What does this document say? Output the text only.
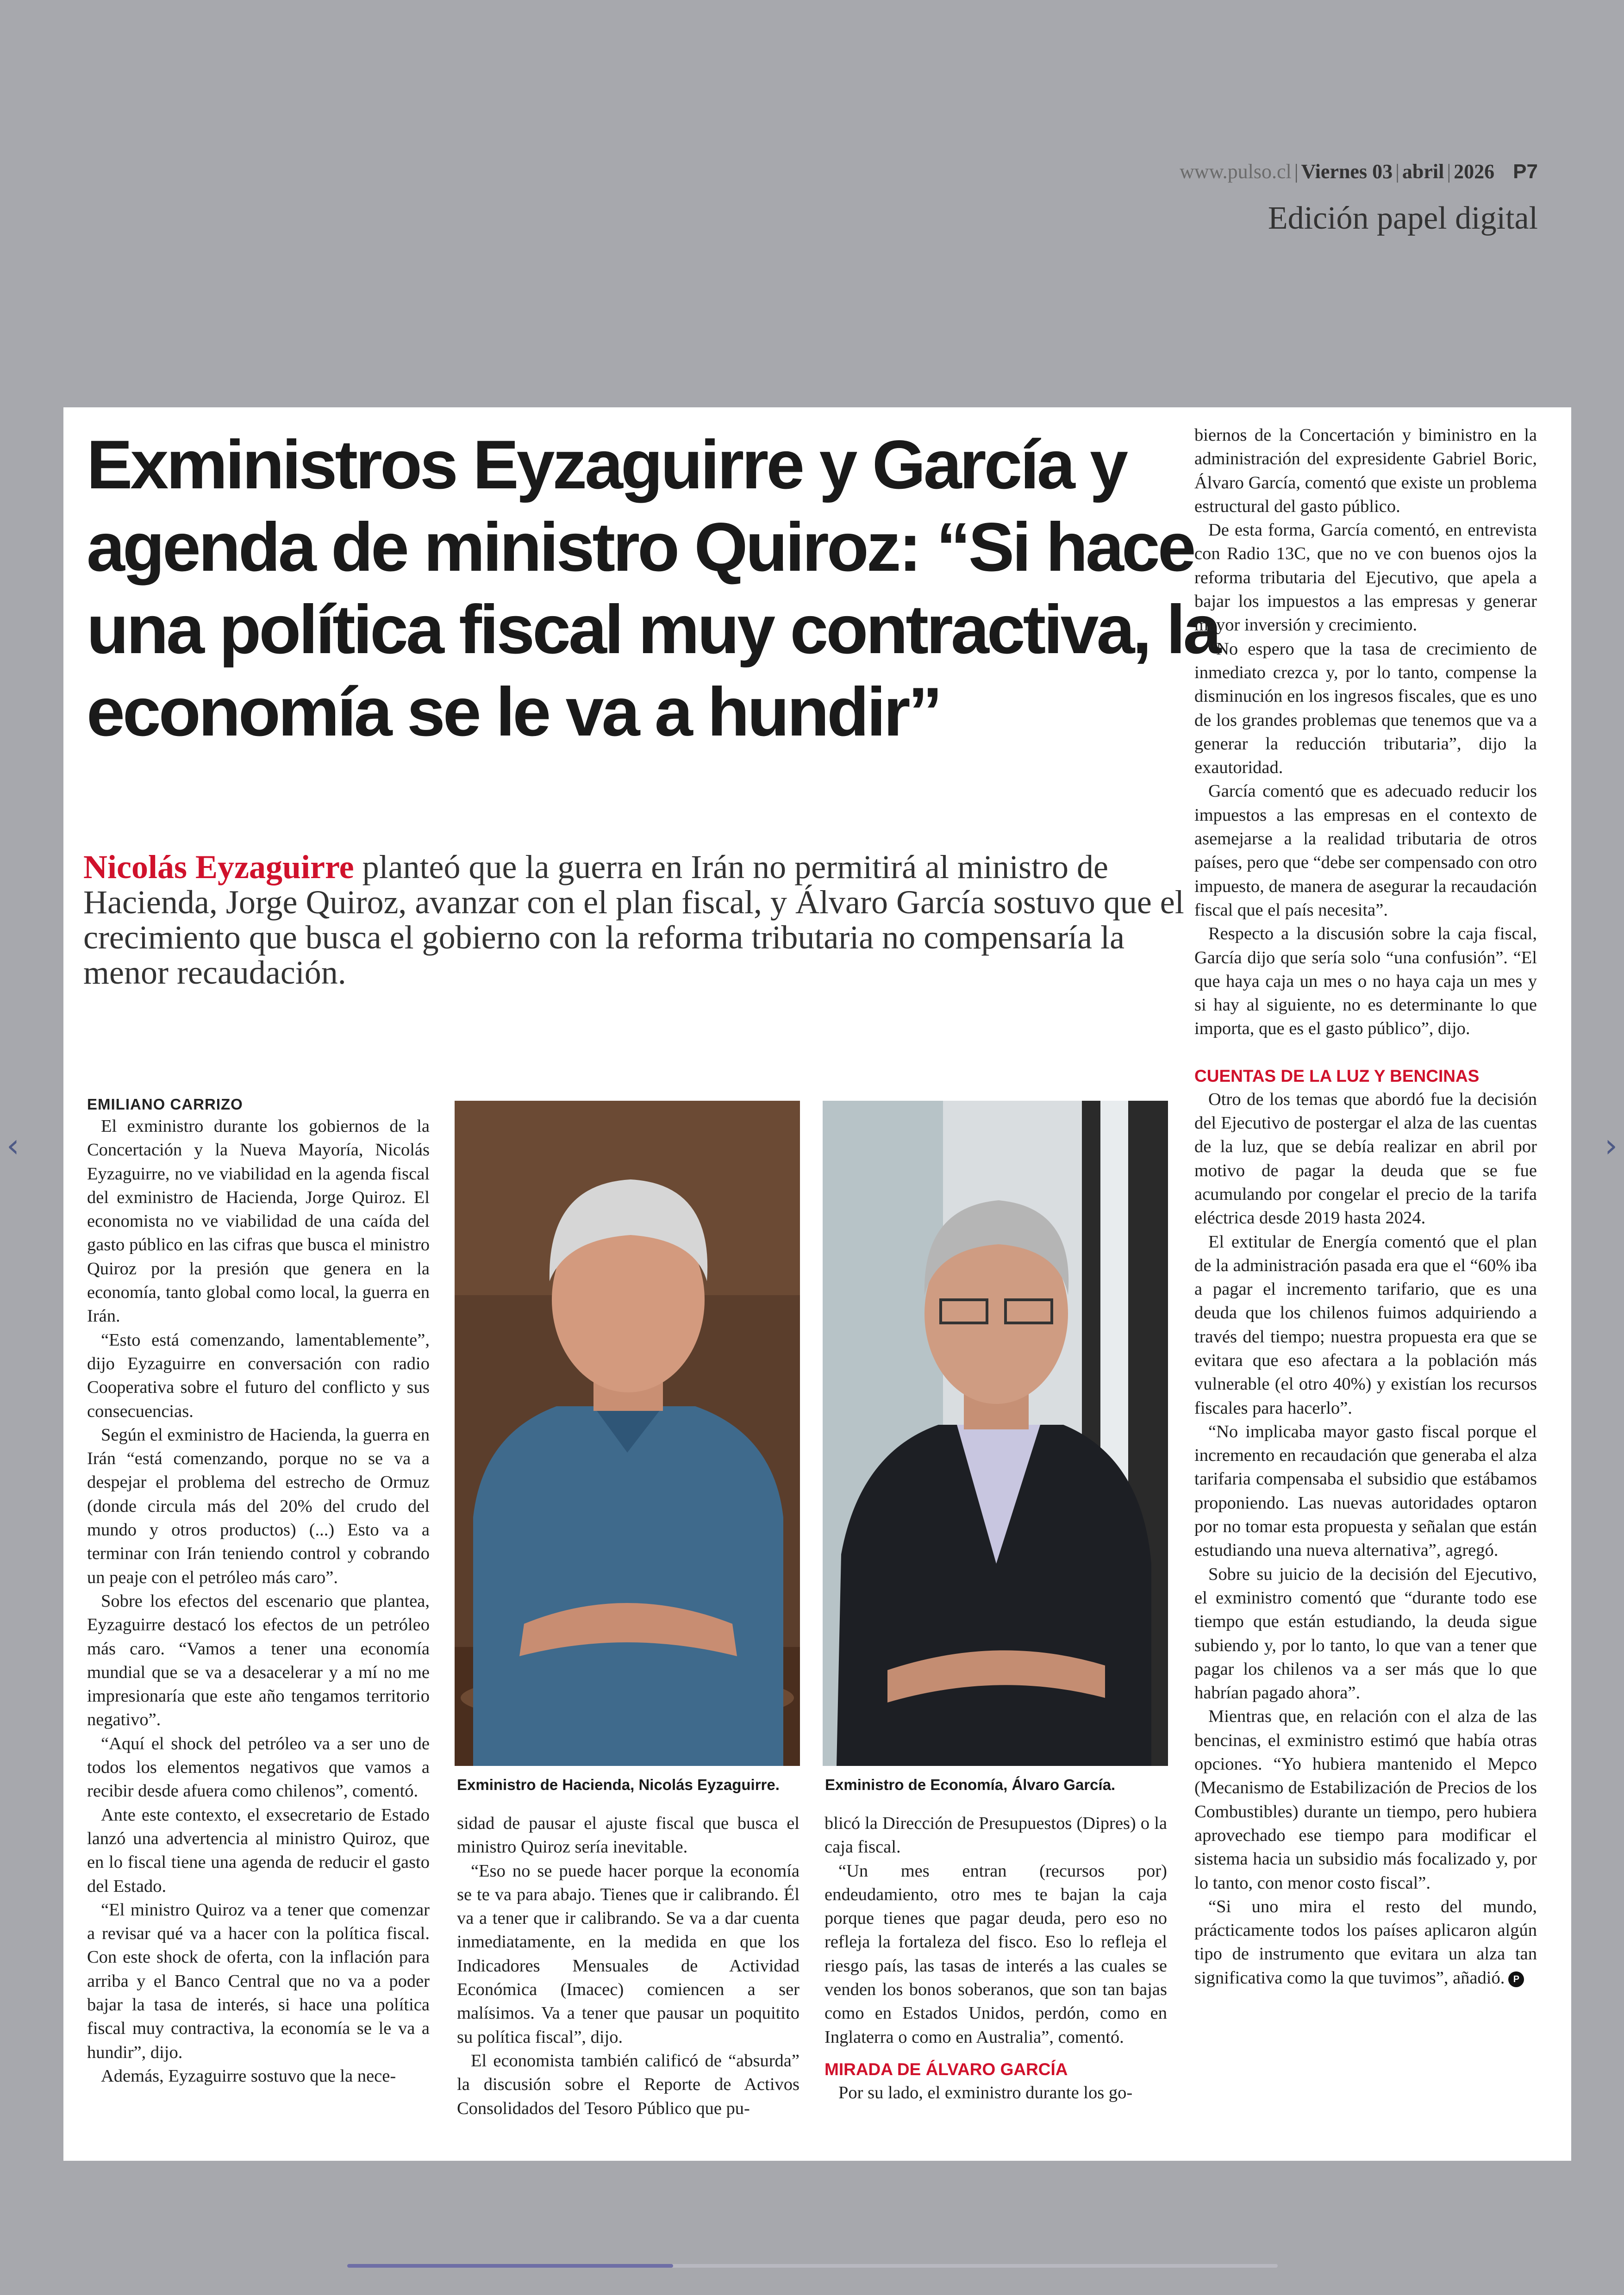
www.pulso.cl | Viernes 03 | abril | 2026 P7
Edición papel digital
‹	›
Exministros Eyzaguirre y García y agenda de ministro Quiroz: “Si hace una política fiscal muy contractiva, la economía se le va a hundir”

Nicolás Eyzaguirre planteó que la guerra en Irán no permitirá al ministro de Hacienda, Jorge Quiroz, avanzar con el plan fiscal, y Álvaro García sostuvo que el crecimiento que busca el gobierno con la reforma tributaria no compensaría la menor recaudación.

EMILIANO CARRIZO

El exministro durante los gobiernos de la Concertación y la Nueva Mayoría, Nicolás Eyzaguirre, no ve viabilidad en la agenda fiscal del exministro de Hacienda, Jorge Quiroz. El economista no ve viabilidad de una caída del gasto público en las cifras que busca el ministro Quiroz por la presión que genera en la economía, tanto global como local, la guerra en Irán.

“Esto está comenzando, lamentablemente”, dijo Eyzaguirre en conversación con radio Cooperativa sobre el futuro del conflicto y sus consecuencias.

Según el exministro de Hacienda, la guerra en Irán “está comenzando, porque no se va a despejar el problema del estrecho de Ormuz (donde circula más del 20% del crudo del mundo y otros productos) (...) Esto va a terminar con Irán teniendo control y cobrando un peaje con el petróleo más caro”.

Sobre los efectos del escenario que plantea, Eyzaguirre destacó los efectos de un petróleo más caro. “Vamos a tener una economía mundial que se va a desacelerar y a mí no me impresionaría que este año tengamos territorio negativo”.

“Aquí el shock del petróleo va a ser uno de todos los elementos negativos que vamos a recibir desde afuera como chilenos”, comentó.

Ante este contexto, el exsecretario de Estado lanzó una advertencia al ministro Quiroz, que en lo fiscal tiene una agenda de reducir el gasto del Estado.

“El ministro Quiroz va a tener que comenzar a revisar qué va a hacer con la política fiscal. Con este shock de oferta, con la inflación para arriba y el Banco Central que no va a poder bajar la tasa de interés, si hace una política fiscal muy contractiva, la economía se le va a hundir”, dijo.

Además, Eyzaguirre sostuvo que la nece-

Exministro de Hacienda, Nicolás Eyzaguirre.	Exministro de Economía, Álvaro García.

sidad de pausar el ajuste fiscal que busca el ministro Quiroz sería inevitable.

“Eso no se puede hacer porque la economía se te va para abajo. Tienes que ir calibrando. Él va a tener que ir calibrando. Se va a dar cuenta inmediatamente, en la medida en que los Indicadores Mensuales de Actividad Económica (Imacec) comiencen a ser malísimos. Va a tener que pausar un poquitito su política fiscal”, dijo.

El economista también calificó de “absurda” la discusión sobre el Reporte de Activos Consolidados del Tesoro Público que pu-

blicó la Dirección de Presupuestos (Dipres) o la caja fiscal.

“Un mes entran (recursos por) endeudamiento, otro mes te bajan la caja porque tienes que pagar deuda, pero eso no refleja la fortaleza del fisco. Eso lo refleja el riesgo país, las tasas de interés a las cuales se venden los bonos soberanos, que son tan bajas como en Estados Unidos, perdón, como en Inglaterra o como en Australia”, comentó.

MIRADA DE ÁLVARO GARCÍA

Por su lado, el exministro durante los go-

biernos de la Concertación y biministro en la administración del expresidente Gabriel Boric, Álvaro García, comentó que existe un problema estructural del gasto público.

De esta forma, García comentó, en entrevista con Radio 13C, que no ve con buenos ojos la reforma tributaria del Ejecutivo, que apela a bajar los impuestos a las empresas y generar mayor inversión y crecimiento.

“No espero que la tasa de crecimiento de inmediato crezca y, por lo tanto, compense la disminución en los ingresos fiscales, que es uno de los grandes problemas que tenemos que va a generar la reducción tributaria”, dijo la exautoridad.

García comentó que es adecuado reducir los impuestos a las empresas en el contexto de asemejarse a la realidad tributaria de otros países, pero que “debe ser compensado con otro impuesto, de manera de asegurar la recaudación fiscal que el país necesita”.

Respecto a la discusión sobre la caja fiscal, García dijo que sería solo “una confusión”. “El que haya caja un mes o no haya caja un mes y si hay al siguiente, no es determinante lo que importa, que es el gasto público”, dijo.

CUENTAS DE LA LUZ Y BENCINAS

Otro de los temas que abordó fue la decisión del Ejecutivo de postergar el alza de las cuentas de la luz, que se debía realizar en abril por motivo de pagar la deuda que se fue acumulando por congelar el precio de la tarifa eléctrica desde 2019 hasta 2024.

El extitular de Energía comentó que el plan de la administración pasada era que el “60% iba a pagar el incremento tarifario, que es una deuda que los chilenos fuimos adquiriendo a través del tiempo; nuestra propuesta era que se evitara que eso afectara a la población más vulnerable (el otro 40%) y existían los recursos fiscales para hacerlo”.

“No implicaba mayor gasto fiscal porque el incremento en recaudación que generaba el alza tarifaria compensaba el subsidio que estábamos proponiendo. Las nuevas autoridades optaron por no tomar esta propuesta y señalan que están estudiando una nueva alternativa”, agregó.

Sobre su juicio de la decisión del Ejecutivo, el exministro comentó que “durante todo ese tiempo que están estudiando, la deuda sigue subiendo y, por lo tanto, lo que van a tener que pagar los chilenos va a ser más que lo que habrían pagado ahora”.

Mientras que, en relación con el alza de las bencinas, el exministro estimó que había otras opciones. “Yo hubiera mantenido el Mepco (Mecanismo de Estabilización de Precios de los Combustibles) durante un tiempo, pero hubiera aprovechado ese tiempo para modificar el sistema hacia un subsidio más focalizado y, por lo tanto, con menor costo fiscal”.

“Si uno mira el resto del mundo, prácticamente todos los países aplicaron algún tipo de instrumento que evitara un alza tan significativa como la que tuvimos”, añadió.P
